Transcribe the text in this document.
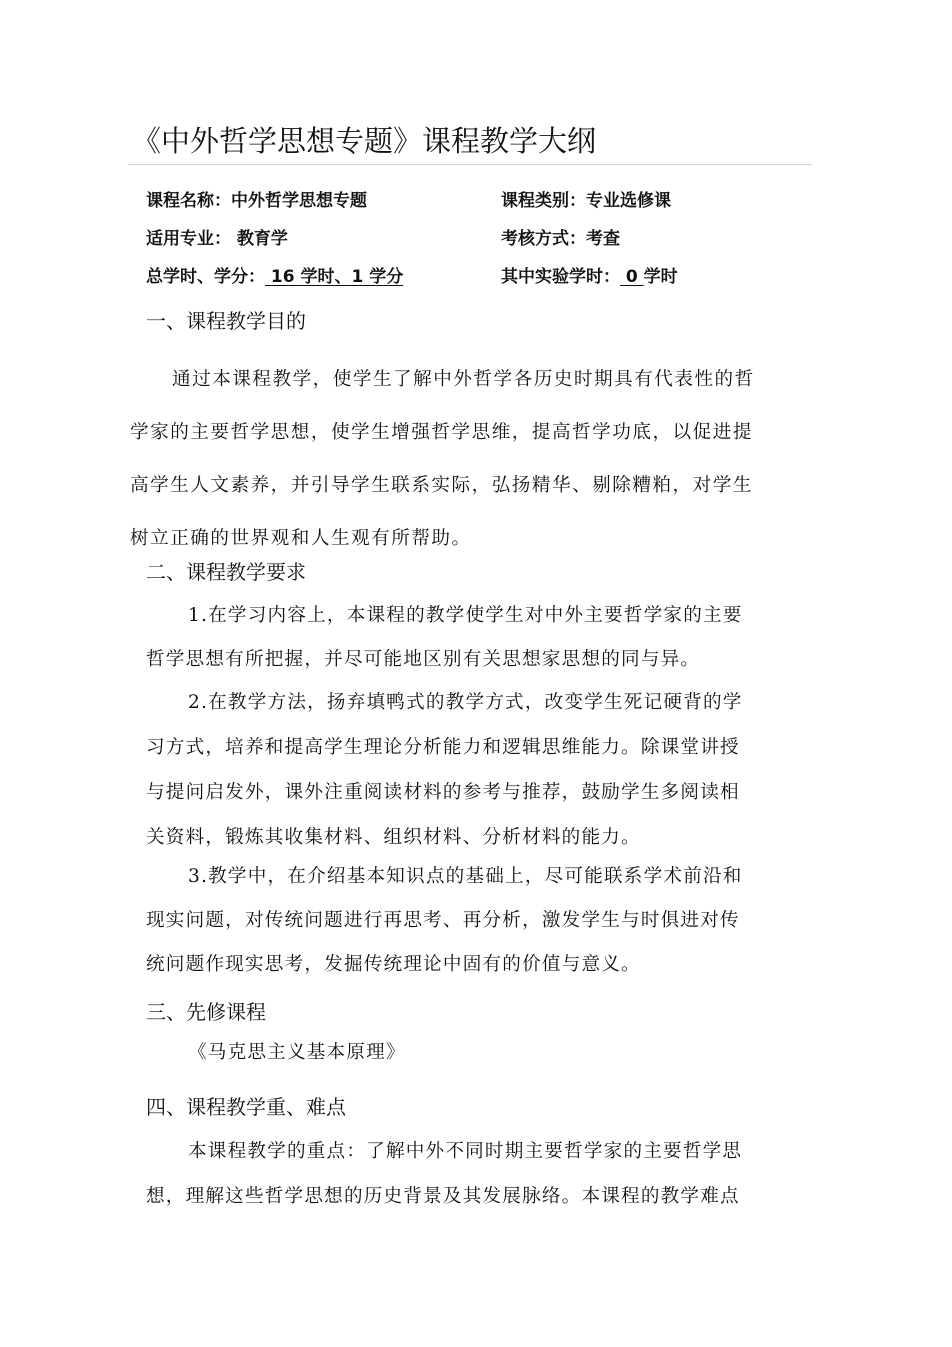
《中外哲学思想专题》课程教学大纲
课程名称：中外哲学思想专题	课程类别：专业选修课
适用专业： 教育学	考核方式：考查
总学时、学分： 16 学时、1 学分	其中实验学时： 0 学时
一、课程教学目的
通过本课程教学，使学生了解中外哲学各历史时期具有代表性的哲
学家的主要哲学思想，使学生增强哲学思维，提高哲学功底，以促进提
高学生人文素养，并引导学生联系实际，弘扬精华、剔除糟粕，对学生
树立正确的世界观和人生观有所帮助。
二、课程教学要求
1.在学习内容上，本课程的教学使学生对中外主要哲学家的主要
哲学思想有所把握，并尽可能地区别有关思想家思想的同与异。
2.在教学方法，扬弃填鸭式的教学方式，改变学生死记硬背的学
习方式，培养和提高学生理论分析能力和逻辑思维能力。除课堂讲授
与提问启发外，课外注重阅读材料的参考与推荐，鼓励学生多阅读相
关资料，锻炼其收集材料、组织材料、分析材料的能力。
3.教学中，在介绍基本知识点的基础上，尽可能联系学术前沿和
现实问题，对传统问题进行再思考、再分析，激发学生与时俱进对传
统问题作现实思考，发掘传统理论中固有的价值与意义。
三、先修课程
《马克思主义基本原理》
四、课程教学重、难点
本课程教学的重点：了解中外不同时期主要哲学家的主要哲学思
想，理解这些哲学思想的历史背景及其发展脉络。本课程的教学难点
